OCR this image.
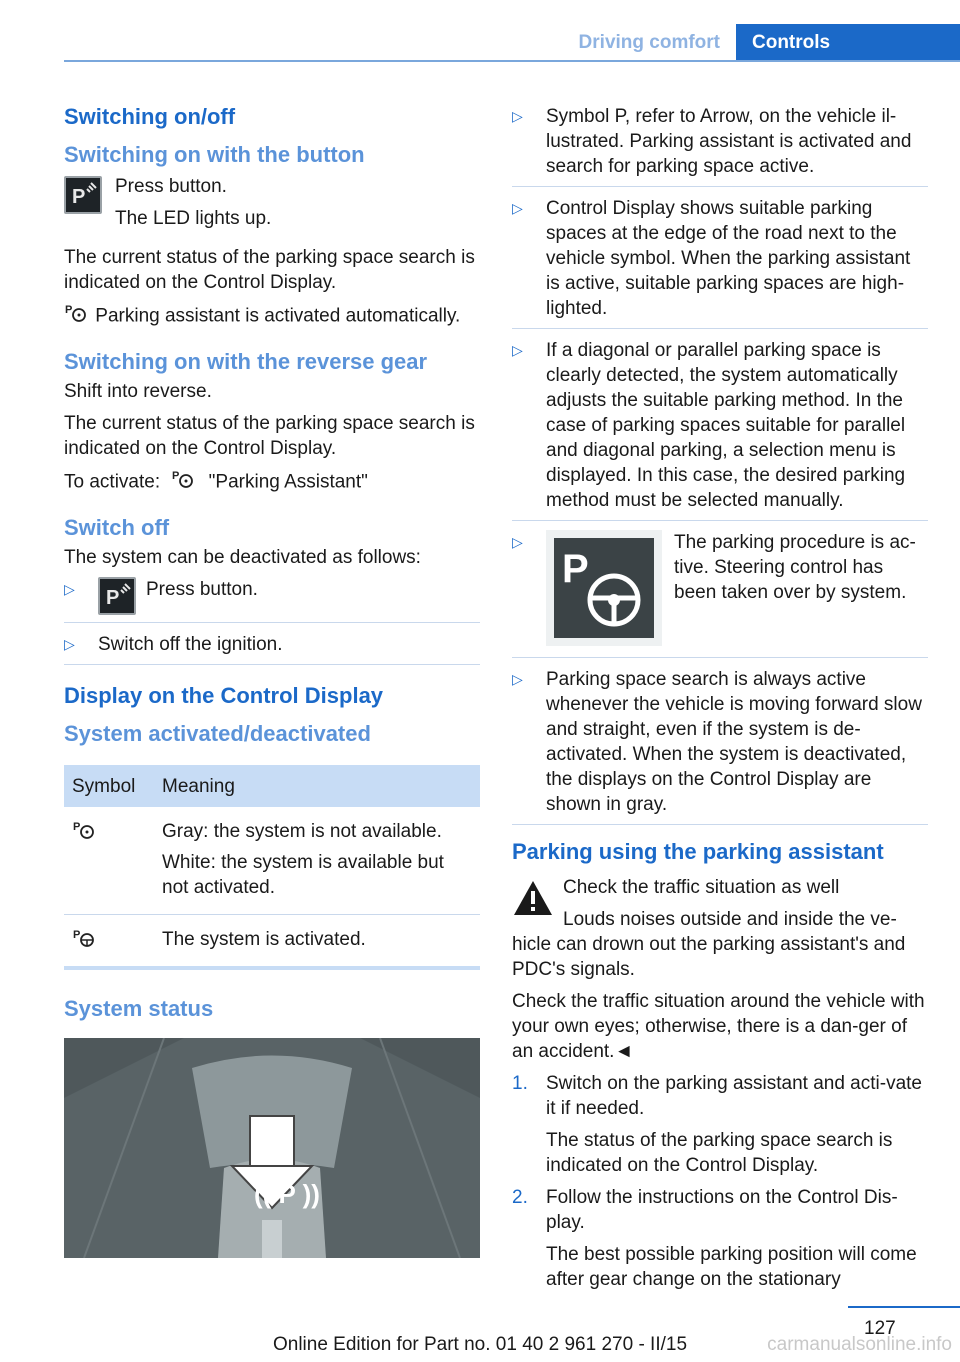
Driving comfort	Controls
Switching on/off
Switching on with the button
P Press button.

The LED lights up.

The current status of the parking space search is indicated on the Control Display.

P Parking assistant is activated automatically.

Switching on with the reverse gear

Shift into reverse.

The current status of the parking space search is indicated on the Control Display.

To activate: P "Parking Assistant"

Switch off

The system can be deactivated as follows:

▷ P Press button.
▷ Switch off the ignition.
Display on the Control Display
System activated/deactivated
Symbol	Meaning

P	Gray: the system is not available.

White: the system is available but not activated.

P	The system is activated.

System status
(( P ))
▷ Symbol P, refer to Arrow, on the vehicle il‐lustrated. Parking assistant is activated and search for parking space active.
▷ Control Display shows suitable parking spaces at the edge of the road next to the vehicle symbol. When the parking assistant is active, suitable parking spaces are high‐lighted.
▷ If a diagonal or parallel parking space is clearly detected, the system automatically adjusts the suitable parking method. In the case of parking spaces suitable for parallel and diagonal parking, a selection menu is displayed. In this case, the desired parking method must be selected manually.
▷
P
The parking procedure is ac‐tive. Steering control has been taken over by system.
▷ Parking space search is always active whenever the vehicle is moving forward slow and straight, even if the system is de‐activated. When the system is deactivated, the displays on the Control Display are shown in gray.
Parking using the parking assistant

Check the traffic situation as well

Louds noises outside and inside the ve‐hicle can drown out the parking assistant's and PDC's signals.

Check the traffic situation around the vehicle with your own eyes; otherwise, there is a dan‐ger of an accident.◄

1. Switch on the parking assistant and acti‐vate it if needed.

The status of the parking space search is indicated on the Control Display.

2. Follow the instructions on the Control Dis‐play.

The best possible parking position will come after gear change on the stationary

127
Online Edition for Part no. 01 40 2 961 270 - II/15	carmanualsonline.info
